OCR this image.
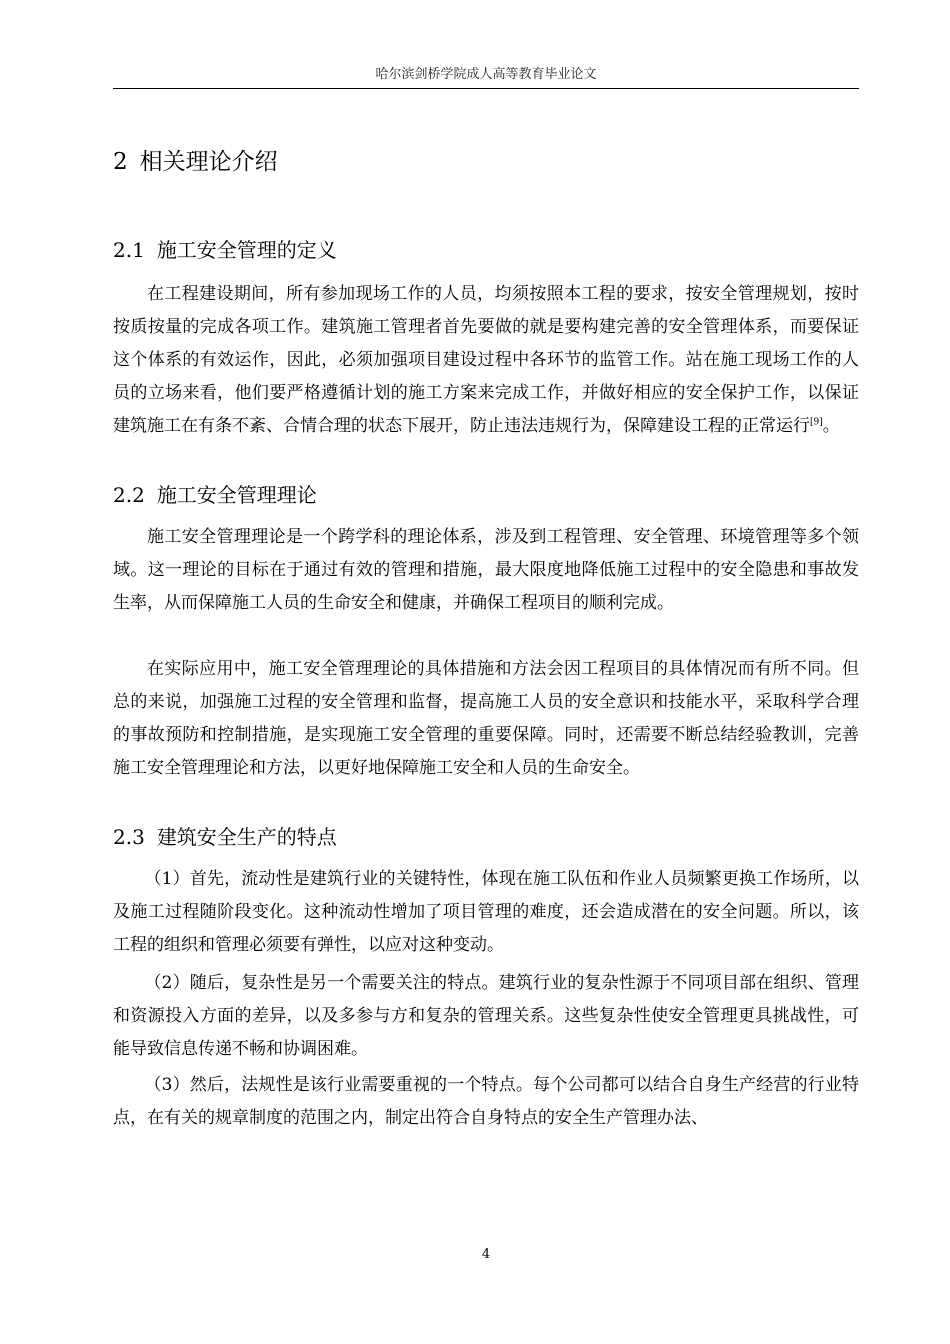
哈尔滨剑桥学院成人高等教育毕业论文
2 相关理论介绍
2.1 施工安全管理的定义
在工程建设期间，所有参加现场工作的人员，均须按照本工程的要求，按安全管理规划，按时按质按量的完成各项工作。建筑施工管理者首先要做的就是要构建完善的安全管理体系，而要保证这个体系的有效运作，因此，必须加强项目建设过程中各环节的监管工作。站在施工现场工作的人员的立场来看，他们要严格遵循计划的施工方案来完成工作，并做好相应的安全保护工作，以保证建筑施工在有条不紊、合情合理的状态下展开，防止违法违规行为，保障建设工程的正常运行[9]。
2.2 施工安全管理理论
施工安全管理理论是一个跨学科的理论体系，涉及到工程管理、安全管理、环境管理等多个领域。这一理论的目标在于通过有效的管理和措施，最大限度地降低施工过程中的安全隐患和事故发生率，从而保障施工人员的生命安全和健康，并确保工程项目的顺利完成。
在实际应用中，施工安全管理理论的具体措施和方法会因工程项目的具体情况而有所不同。但总的来说，加强施工过程的安全管理和监督，提高施工人员的安全意识和技能水平，采取科学合理的事故预防和控制措施，是实现施工安全管理的重要保障。同时，还需要不断总结经验教训，完善施工安全管理理论和方法，以更好地保障施工安全和人员的生命安全。
2.3 建筑安全生产的特点
（1）首先，流动性是建筑行业的关键特性，体现在施工队伍和作业人员频繁更换工作场所，以及施工过程随阶段变化。这种流动性增加了项目管理的难度，还会造成潜在的安全问题。所以，该工程的组织和管理必须要有弹性，以应对这种变动。
（2）随后，复杂性是另一个需要关注的特点。建筑行业的复杂性源于不同项目部在组织、管理和资源投入方面的差异，以及多参与方和复杂的管理关系。这些复杂性使安全管理更具挑战性，可能导致信息传递不畅和协调困难。
（3）然后，法规性是该行业需要重视的一个特点。每个公司都可以结合自身生产经营的行业特点，在有关的规章制度的范围之内，制定出符合自身特点的安全生产管理办法、
4
